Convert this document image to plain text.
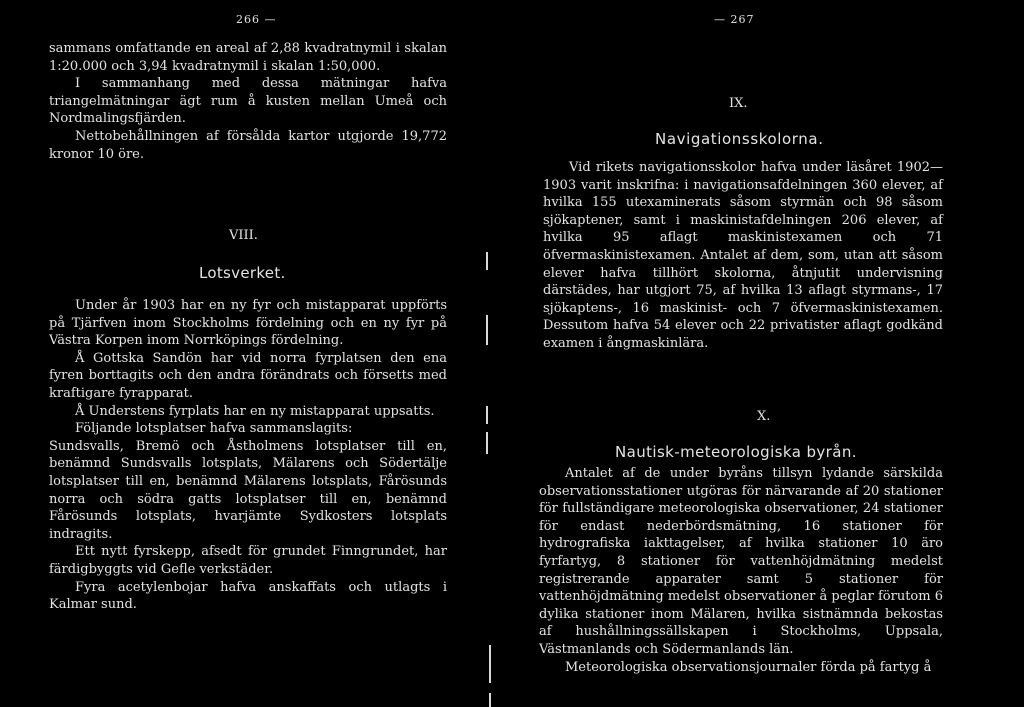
266 —

sammans omfattande en areal af 2,88 kvadratnymil i skalan 1:20.000 och 3,94 kvadratnymil i skalan 1:50,000.

I sammanhang med dessa mätningar hafva triangelmätningar ägt rum å kusten mellan Umeå och Nordmalingsfjärden.

Nettobehållningen af försålda kartor utgjorde 19,772 kronor 10 öre.

VIII.
Lotsverket.

Under år 1903 har en ny fyr och mistapparat uppförts på Tjärfven inom Stockholms fördelning och en ny fyr på Västra Korpen inom Norrköpings fördelning.

Å Gottska Sandön har vid norra fyrplatsen den ena fyren borttagits och den andra förändrats och försetts med kraftigare fyrapparat.

Å Understens fyrplats har en ny mistapparat uppsatts.

Följande lotsplatser hafva sammanslagits:

Sundsvalls, Bremö och Åstholmens lotsplatser till en, benämnd Sundsvalls lotsplats, Mälarens och Södertälje lotsplatser till en, benämnd Mälarens lotsplats, Fårösunds norra och södra gatts lotsplatser till en, benämnd Fårösunds lotsplats, hvarjämte Sydkosters lotsplats indragits.

Ett nytt fyrskepp, afsedt för grundet Finngrundet, har färdigbyggts vid Gefle verkstäder.

Fyra acetylenbojar hafva anskaffats och utlagts i Kalmar sund.

— 267
IX.
Navigationsskolorna.

Vid rikets navigationsskolor hafva under läsåret 1902—1903 varit inskrifna: i navigationsafdelningen 360 elever, af hvilka 155 utexaminerats såsom styrmän och 98 såsom sjökaptener, samt i maskinistafdelningen 206 elever, af hvilka 95 aflagt maskinistexamen och 71 öfvermaskinistexamen. Antalet af dem, som, utan att såsom elever hafva tillhört skolorna, åtnjutit undervisning därstädes, har utgjort 75, af hvilka 13 aflagt styrmans-, 17 sjökaptens-, 16 maskinist- och 7 öfvermaskinistexamen. Dessutom hafva 54 elever och 22 privatister aflagt godkänd examen i ångmaskinlära.

X.
Nautisk-meteorologiska byrån.

Antalet af de under byråns tillsyn lydande särskilda observationsstationer utgöras för närvarande af 20 stationer för fullständigare meteorologiska observationer, 24 stationer för endast nederbördsmätning, 16 stationer för hydrografiska iakttagelser, af hvilka stationer 10 äro fyrfartyg, 8 stationer för vattenhöjdmätning medelst registrerande apparater samt 5 stationer för vattenhöjdmätning medelst observationer å peglar förutom 6 dylika stationer inom Mälaren, hvilka sistnämnda bekostas af hushållningssällskapen i Stockholms, Uppsala, Västmanlands och Södermanlands län.

Meteorologiska observationsjournaler förda på fartyg å
